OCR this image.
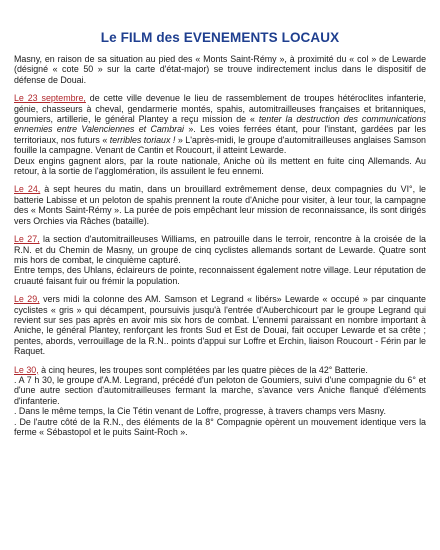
Le FILM des EVENEMENTS LOCAUX

Masny, en raison de sa situation au pied des « Monts Saint-Rémy », à proximité du « col » de Lewarde (désigné « cote 50 » sur la carte d'état-major) se trouve indirectement inclus dans le dispositif de défense de Douai.

Le 23 septembre, de cette ville devenue le lieu de rassemblement de troupes hétéroclites infanterie, génie, chasseurs à cheval, gendarmerie montés, spahis, automitrailleuses françaises et britanniques, goumiers, artillerie, le général Plantey a reçu mission de « tenter la destruction des communications ennemies entre Valenciennes et Cambrai ». Les voies ferrées étant, pour l'instant, gardées par les territoriaux, nos futurs « terribles toriaux ! » L'après-midi, le groupe d'automitrailleuses anglaises Samson fouille la campagne. Venant de Cantin et Roucourt, il atteint Lewarde.
Deux engins gagnent alors, par la route nationale, Aniche où ils mettent en fuite cinq Allemands. Au retour, à la sortie de l'agglomération, ils assuilent le feu ennemi.

Le 24, à sept heures du matin, dans un brouillard extrêmement dense, deux compagnies du VI°, le batterie Labisse et un peloton de spahis prennent la route d'Aniche pour visiter, à leur tour, la campagne des « Monts Saint-Rémy ». La purée de pois empêchant leur mission de reconnaissance, ils sont dirigés vers Orchies via Râches (bataille).

Le 27, la section d'automitrailleuses Williams, en patrouille dans le terroir, rencontre à la croisée de la R.N. et du Chemin de Masny, un groupe de cinq cyclistes allemands sortant de Lewarde. Quatre sont mis hors de combat, le cinquième capturé.
Entre temps, des Uhlans, éclaireurs de pointe, reconnaissent également notre village. Leur réputation de cruauté faisant fuir ou frémir la population.

Le 29, vers midi la colonne des AM. Samson et Legrand « libérs» Lewarde « occupé » par cinquante cyclistes « gris » qui décampent, poursuivis jusqu'à l'entrée d'Auberchicourt par le groupe Legrand qui revient sur ses pas après en avoir mis six hors de combat. L'ennemi paraissant en nombre important à Aniche, le général Plantey, renforçant les fronts Sud et Est de Douai, fait occuper Lewarde et sa crête ; pentes, abords, verrouillage de la R.N.. points d'appui sur Loffre et Erchin, liaison Roucourt - Férin par le Raquet.

Le 30, à cinq heures, les troupes sont complétées par les quatre pièces de la 42° Batterie.
. A 7 h 30, le groupe d'A.M. Legrand, précédé d'un peloton de Goumiers, suivi d'une compagnie du 6° et d'une autre section d'automitrailleuses fermant la marche, s'avance vers Aniche flanqué d'éléments d'infanterie.
. Dans le même temps, la Cie Tétin venant de Loffre, progresse, à travers champs vers Masny.
. De l'autre côté de la R.N., des éléments de la 8° Compagnie opèrent un mouvement identique vers la ferme « Sébastopol et le puits Saint-Roch ».
